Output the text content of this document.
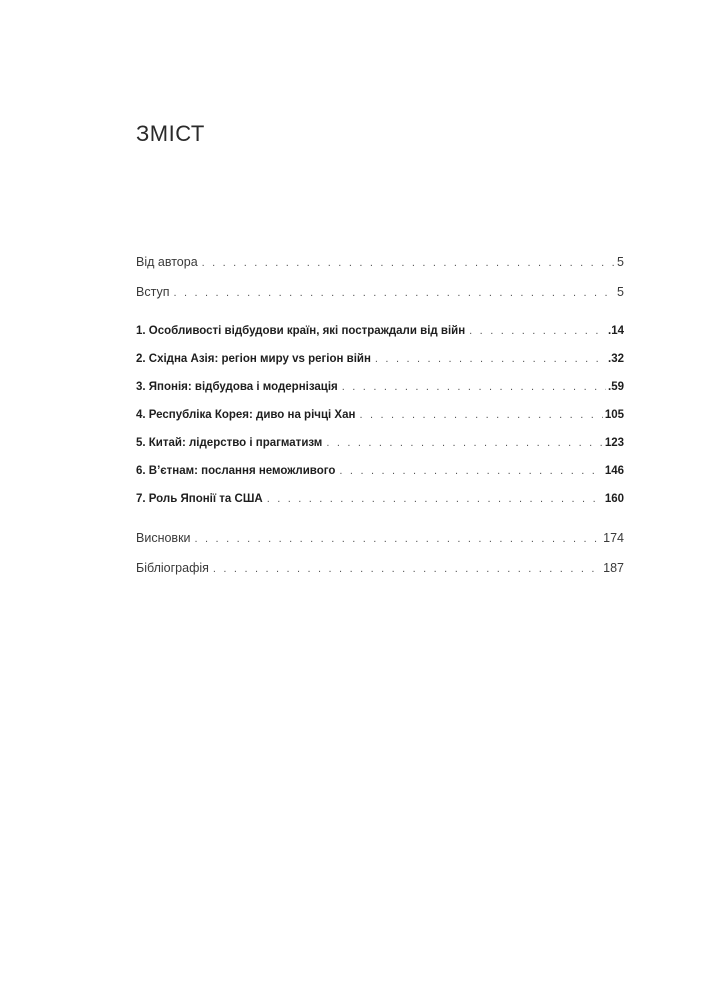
ЗМІСТ
Від автора . . .	5
Вступ . . .	5
1. Особливості відбудови країн, які постраждали від війн . . .	.14
2. Східна Азія: регіон миру vs регіон війн . . .	.32
3. Японія: відбудова і модернізація . . .	.59
4. Республіка Корея: диво на річці Хан . . .	105
5. Китай: лідерство і прагматизм . . .	123
6. В’єтнам: послання неможливого . . .	146
7. Роль Японії та США . . .	160
Висновки . . .	174
Бібліографія . . .	187
